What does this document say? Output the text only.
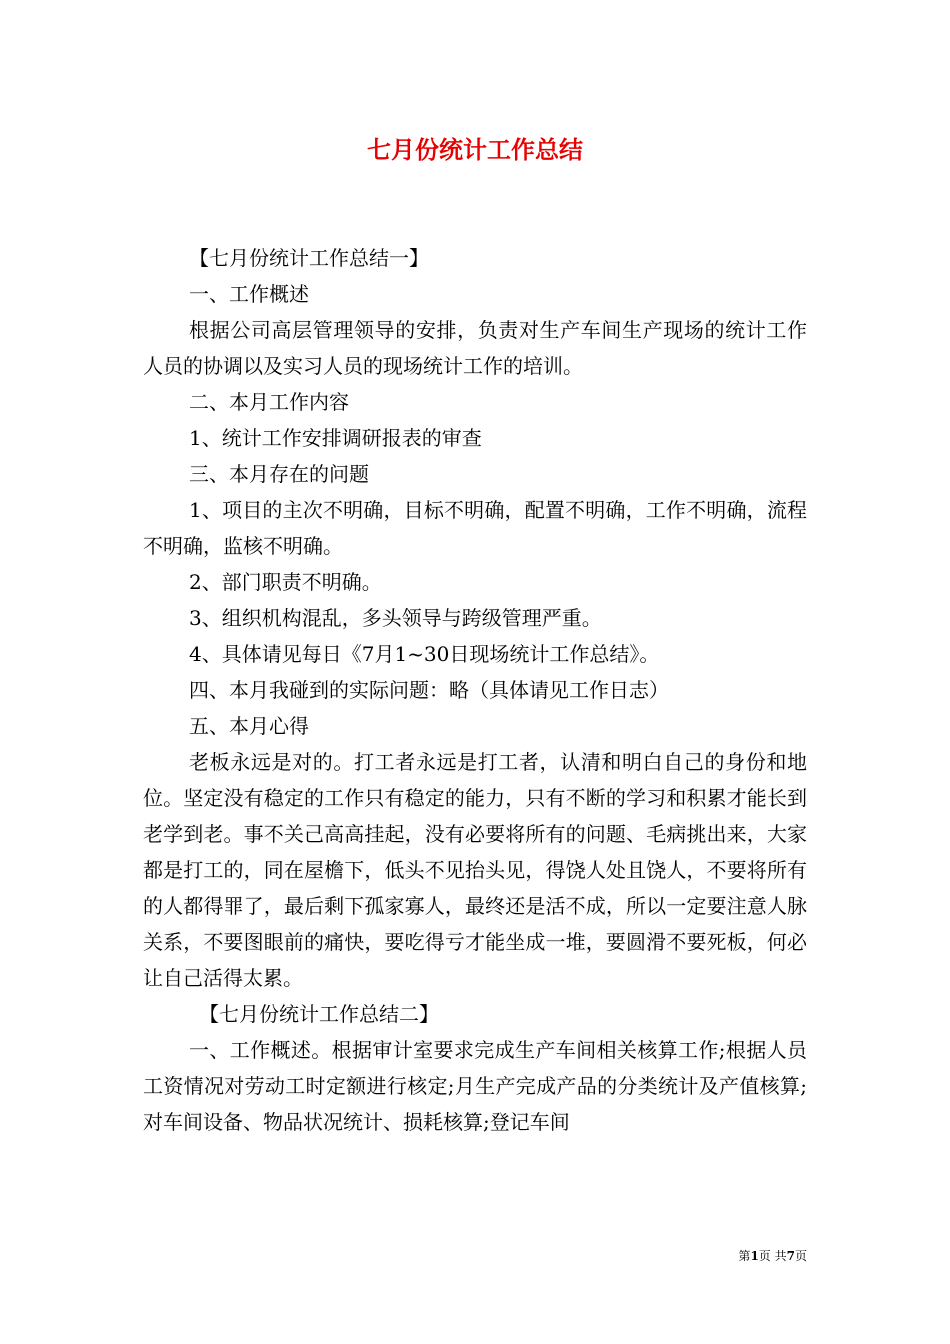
七月份统计工作总结

【七月份统计工作总结一】

一、工作概述

根据公司高层管理领导的安排，负责对生产车间生产现场的统计工作人员的协调以及实习人员的现场统计工作的培训。

二、本月工作内容

1、统计工作安排调研报表的审查

三、本月存在的问题

1、项目的主次不明确，目标不明确，配置不明确，工作不明确，流程不明确，监核不明确。

2、部门职责不明确。

3、组织机构混乱，多头领导与跨级管理严重。

4、具体请见每日《7月1~30日现场统计工作总结》。

四、本月我碰到的实际问题：略（具体请见工作日志）

五、本月心得

老板永远是对的。打工者永远是打工者，认清和明白自己的身份和地位。坚定没有稳定的工作只有稳定的能力，只有不断的学习和积累才能长到老学到老。事不关己高高挂起，没有必要将所有的问题、毛病挑出来，大家都是打工的，同在屋檐下，低头不见抬头见，得饶人处且饶人，不要将所有的人都得罪了，最后剩下孤家寡人，最终还是活不成，所以一定要注意人脉关系，不要图眼前的痛快，要吃得亏才能坐成一堆，要圆滑不要死板，何必让自己活得太累。

【七月份统计工作总结二】

一、工作概述。根据审计室要求完成生产车间相关核算工作;根据人员工资情况对劳动工时定额进行核定;月生产完成产品的分类统计及产值核算;对车间设备、物品状况统计、损耗核算;登记车间

第1页 共7页
